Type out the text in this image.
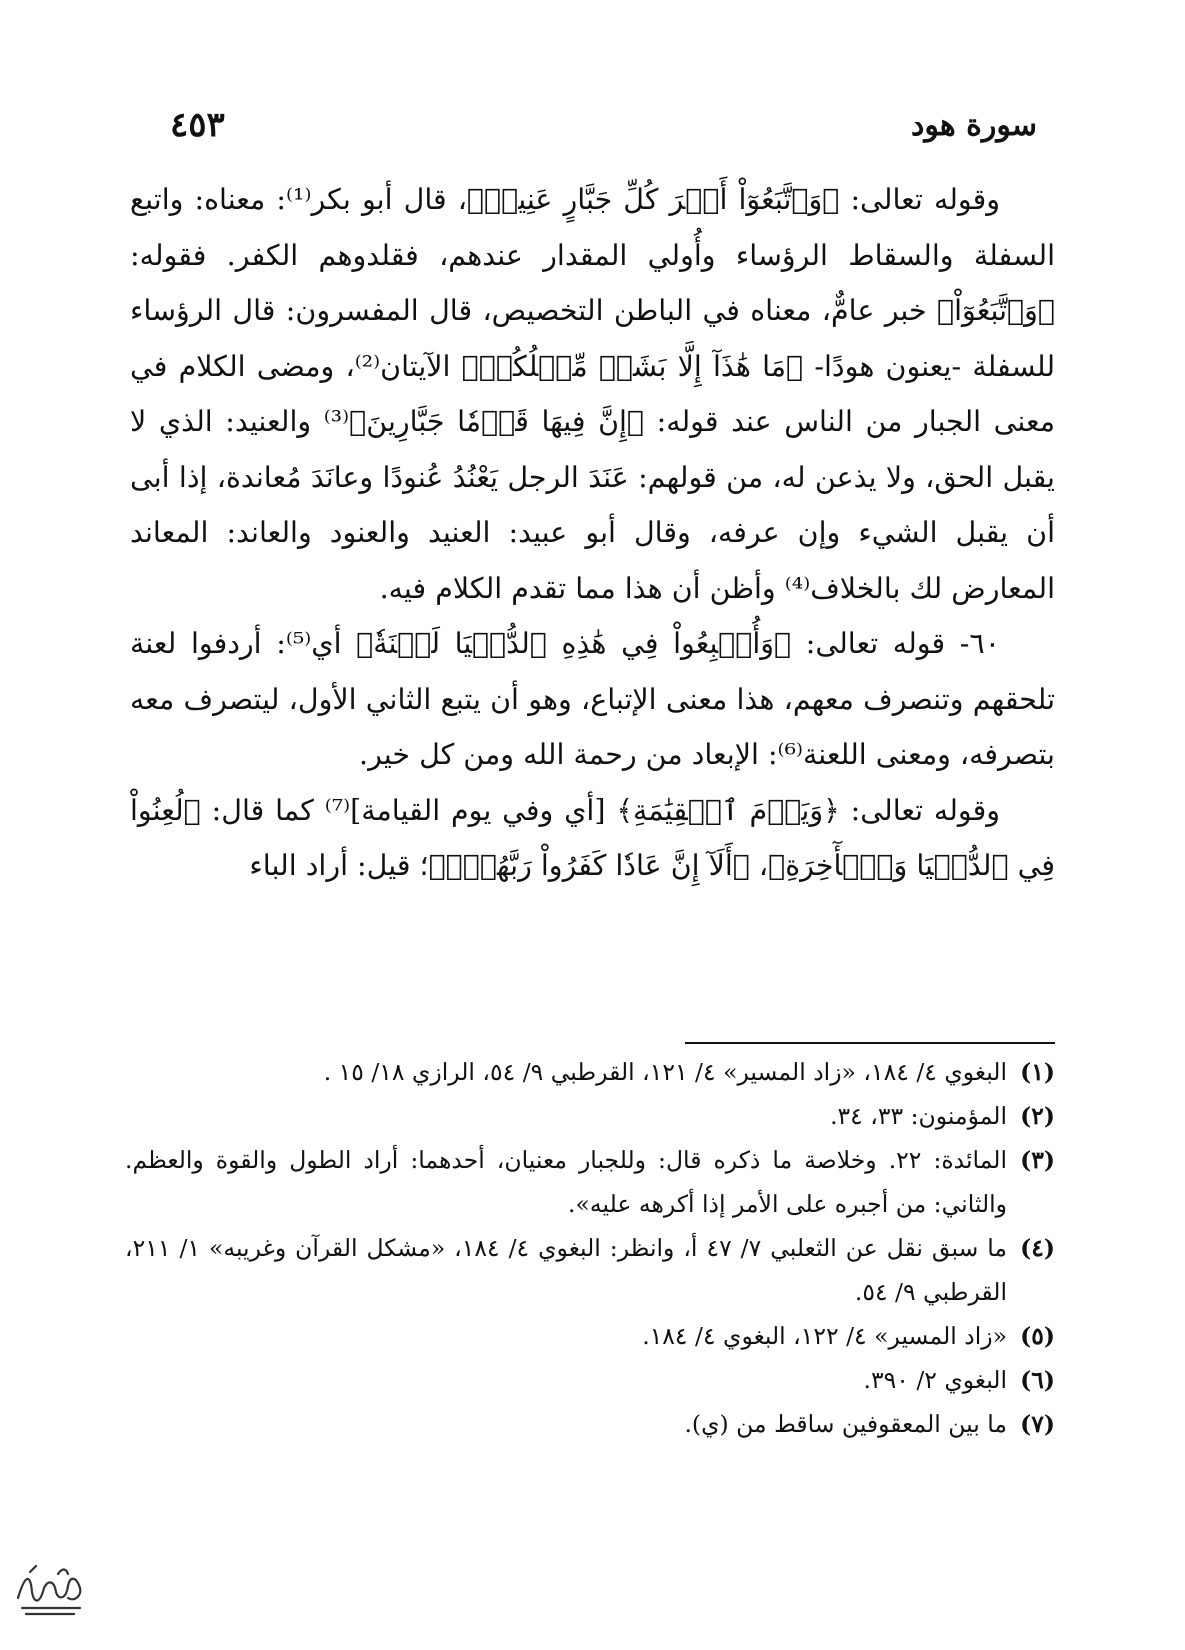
سورة هود
٤٥٣

وقوله تعالى: ﴿وَٱتَّبَعُوٓاْ أَمۡرَ كُلِّ جَبَّارٍ عَنِيدٖ﴾، قال أبو بكر⁽¹⁾: معناه: واتبع السفلة والسقاط الرؤساء وأُولي المقدار عندهم، فقلدوهم الكفر. فقوله: ﴿وَٱتَّبَعُوٓاْ﴾ خبر عامٌّ، معناه في الباطن التخصيص، قال المفسرون: قال الرؤساء للسفلة -يعنون هودًا- ﴿مَا هَٰذَآ إِلَّا بَشَرٞ مِّثۡلُكُمۡ﴾ الآيتان⁽²⁾، ومضى الكلام في معنى الجبار من الناس عند قوله: ﴿إِنَّ فِيهَا قَوۡمٗا جَبَّارِينَ﴾⁽³⁾ والعنيد: الذي لا يقبل الحق، ولا يذعن له، من قولهم: عَنَدَ الرجل يَعْنُدُ عُنودًا وعانَدَ مُعاندة، إذا أبى أن يقبل الشيء وإن عرفه، وقال أبو عبيد: العنيد والعنود والعاند: المعاند المعارض لك بالخلاف⁽⁴⁾ وأظن أن هذا مما تقدم الكلام فيه.

٦٠- قوله تعالى: ﴿وَأُتۡبِعُواْ فِي هَٰذِهِ ٱلدُّنۡيَا لَعۡنَةٗ﴾ أي⁽⁵⁾: أردفوا لعنة تلحقهم وتنصرف معهم، هذا معنى الإتباع، وهو أن يتبع الثاني الأول، ليتصرف معه بتصرفه، ومعنى اللعنة⁽⁶⁾: الإبعاد من رحمة الله ومن كل خير.

وقوله تعالى: ﴿وَيَوۡمَ ٱلۡقِيَٰمَةِ﴾ [أي وفي يوم القيامة]⁽⁷⁾ كما قال: ﴿لُعِنُواْ فِي ٱلدُّنۡيَا وَٱلۡأٓخِرَةِ﴾، ﴿أَلَآ إِنَّ عَادٗا كَفَرُواْ رَبَّهُمۡۗ﴾؛ قيل: أراد الباء

(١)
البغوي ٤/ ١٨٤، «زاد المسير» ٤/ ١٢١، القرطبي ٩/ ٥٤، الرازي ١٨/ ١٥ .
(٢)
المؤمنون: ٣٣، ٣٤.
(٣)
المائدة: ٢٢. وخلاصة ما ذكره قال: وللجبار معنيان، أحدهما: أراد الطول والقوة والعظم. والثاني: من أجبره على الأمر إذا أكرهه عليه».
(٤)
ما سبق نقل عن الثعلبي ٧/ ٤٧ أ، وانظر: البغوي ٤/ ١٨٤، «مشكل القرآن وغريبه» ١/ ٢١١، القرطبي ٩/ ٥٤.
(٥)
«زاد المسير» ٤/ ١٢٢، البغوي ٤/ ١٨٤.
(٦)
البغوي ٢/ ٣٩٠.
(٧)
ما بين المعقوفين ساقط من (ي).
